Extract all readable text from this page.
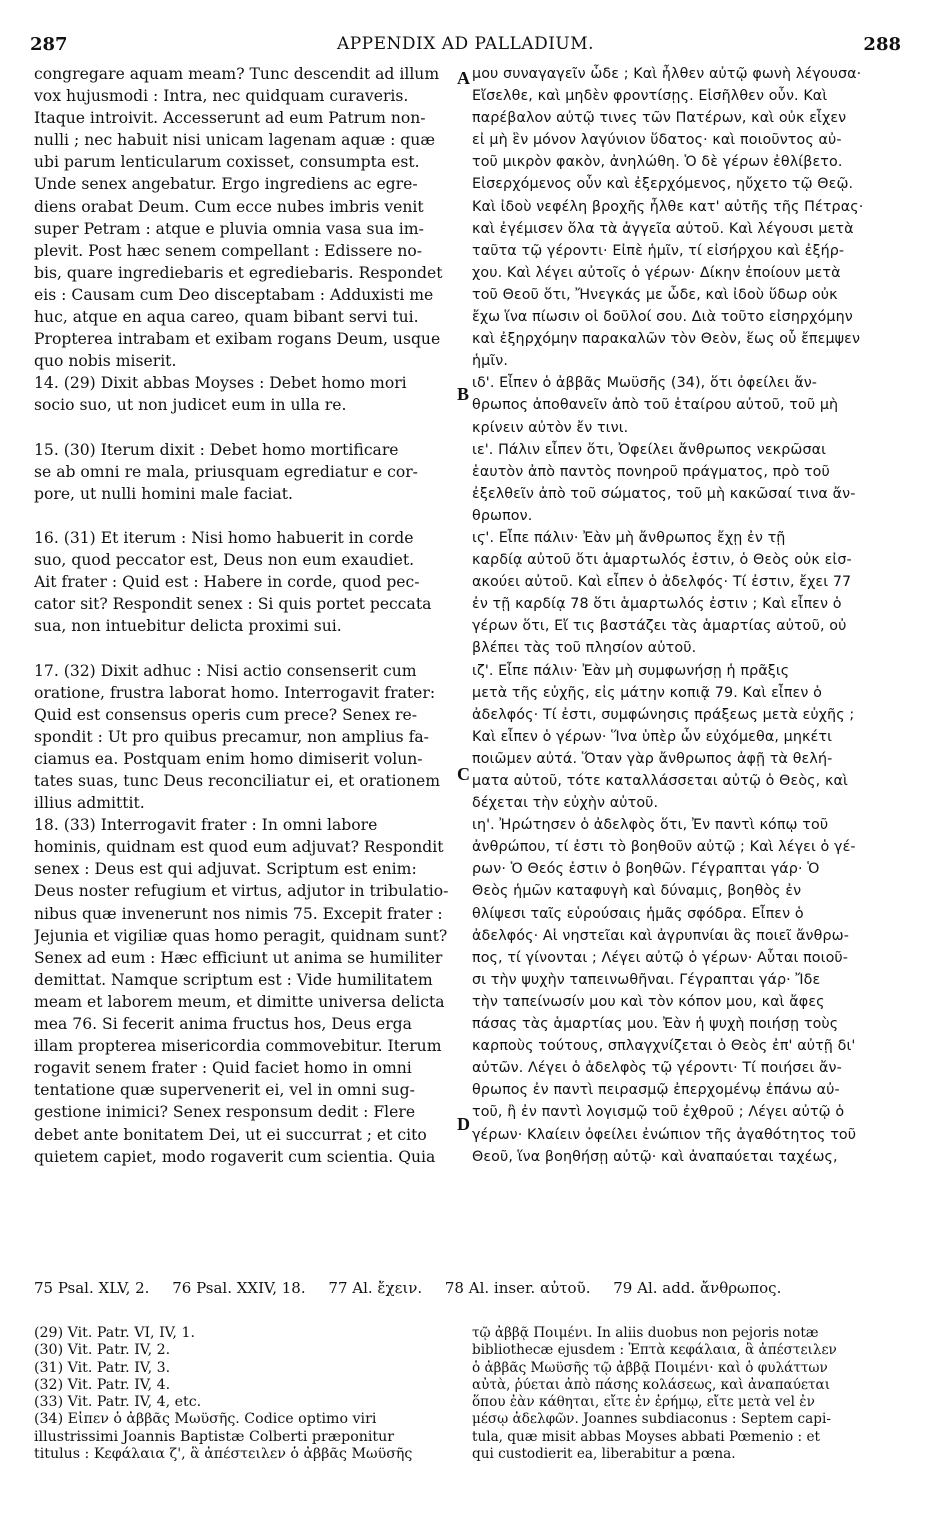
287	APPENDIX AD PALLADIUM.	288
congregare aquam meam? Tunc descendit ad illum
vox hujusmodi : Intra, nec quidquam curaveris.
Itaque introivit. Accesserunt ad eum Patrum non-
nulli ; nec habuit nisi unicam lagenam aquæ : quæ
ubi parum lenticularum coxisset, consumpta est.
Unde senex angebatur. Ergo ingrediens ac egre-
diens orabat Deum. Cum ecce nubes imbris venit
super Petram : atque e pluvia omnia vasa sua im-
plevit. Post hæc senem compellant : Edissere no-
bis, quare ingrediebaris et egrediebaris. Respondet
eis : Causam cum Deo disceptabam : Adduxisti me
huc, atque en aqua careo, quam bibant servi tui.
Propterea intrabam et exibam rogans Deum, usque
quo nobis miserit.
14. (29) Dixit abbas Moyses : Debet homo mori
socio suo, ut non judicet eum in ulla re.
15. (30) Iterum dixit : Debet homo mortificare
se ab omni re mala, priusquam egrediatur e cor-
pore, ut nulli homini male faciat.
16. (31) Et iterum : Nisi homo habuerit in corde
suo, quod peccator est, Deus non eum exaudiet.
Ait frater : Quid est : Habere in corde, quod pec-
cator sit? Respondit senex : Si quis portet peccata
sua, non intuebitur delicta proximi sui.
17. (32) Dixit adhuc : Nisi actio consenserit cum
oratione, frustra laborat homo. Interrogavit frater:
Quid est consensus operis cum prece? Senex re-
spondit : Ut pro quibus precamur, non amplius fa-
ciamus ea. Postquam enim homo dimiserit volun-
tates suas, tunc Deus reconciliatur ei, et orationem
illius admittit.
18. (33) Interrogavit frater : In omni labore
hominis, quidnam est quod eum adjuvat? Respondit
senex : Deus est qui adjuvat. Scriptum est enim:
Deus noster refugium et virtus, adjutor in tribulatio-
nibus quæ invenerunt nos nimis 75. Excepit frater :
Jejunia et vigiliæ quas homo peragit, quidnam sunt?
Senex ad eum : Hæc efficiunt ut anima se humiliter
demittat. Namque scriptum est : Vide humilitatem
meam et laborem meum, et dimitte universa delicta
mea 76. Si fecerit anima fructus hos, Deus erga
illam propterea misericordia commovebitur. Iterum
rogavit senem frater : Quid faciet homo in omni
tentatione quæ supervenerit ei, vel in omni sug-
gestione inimici? Senex responsum dedit : Flere
debet ante bonitatem Dei, ut ei succurrat ; et cito
quietem capiet, modo rogaverit cum scientia. Quia
μου συναγαγεῖν ὧδε ; Καὶ ἦλθεν αὐτῷ φωνὴ λέγουσα·
Εἴσελθε, καὶ μηδὲν φροντίσῃς. Εἰσῆλθεν οὖν. Καὶ
παρέβαλον αὐτῷ τινες τῶν Πατέρων, καὶ οὐκ εἶχεν
εἰ μὴ ἓν μόνον λαγύνιον ὕδατος· καὶ ποιοῦντος αὐ-
τοῦ μικρὸν φακὸν, ἀνηλώθη. Ὁ δὲ γέρων ἐθλίβετο.
Εἰσερχόμενος οὖν καὶ ἐξερχόμενος, ηὔχετο τῷ Θεῷ.
Καὶ ἰδοὺ νεφέλη βροχῆς ἦλθε κατ' αὐτῆς τῆς Πέτρας·
καὶ ἐγέμισεν ὅλα τὰ ἀγγεῖα αὐτοῦ. Καὶ λέγουσι μετὰ
ταῦτα τῷ γέροντι· Εἰπὲ ἡμῖν, τί εἰσήρχου καὶ ἐξήρ-
χου. Καὶ λέγει αὐτοῖς ὁ γέρων· Δίκην ἐποίουν μετὰ
τοῦ Θεοῦ ὅτι, Ἤνεγκάς με ὧδε, καὶ ἰδοὺ ὕδωρ οὐκ
ἔχω ἵνα πίωσιν οἱ δοῦλοί σου. Διὰ τοῦτο εἰσηρχόμην
καὶ ἐξηρχόμην παρακαλῶν τὸν Θεὸν, ἕως οὗ ἔπεμψεν
ἡμῖν.
ιδ'. Εἶπεν ὁ ἀββᾶς Μωϋσῆς (34), ὅτι ὀφείλει ἄν-
θρωπος ἀποθανεῖν ἀπὸ τοῦ ἑταίρου αὐτοῦ, τοῦ μὴ
κρίνειν αὐτὸν ἔν τινι.
ιε'. Πάλιν εἶπεν ὅτι, Ὀφείλει ἄνθρωπος νεκρῶσαι
ἑαυτὸν ἀπὸ παντὸς πονηροῦ πράγματος, πρὸ τοῦ
ἐξελθεῖν ἀπὸ τοῦ σώματος, τοῦ μὴ κακῶσαί τινα ἄν-
θρωπον.
ιϛ'. Εἶπε πάλιν· Ἐὰν μὴ ἄνθρωπος ἔχῃ ἐν τῇ
καρδίᾳ αὐτοῦ ὅτι ἁμαρτωλός ἐστιν, ὁ Θεὸς οὐκ εἰσ-
ακούει αὐτοῦ. Καὶ εἶπεν ὁ ἀδελφός· Τί ἐστιν, ἔχει 77
ἐν τῇ καρδίᾳ 78 ὅτι ἁμαρτωλός ἐστιν ; Καὶ εἶπεν ὁ
γέρων ὅτι, Εἴ τις βαστάζει τὰς ἁμαρτίας αὐτοῦ, οὐ
βλέπει τὰς τοῦ πλησίον αὐτοῦ.
ιζ'. Εἶπε πάλιν· Ἐὰν μὴ συμφωνήσῃ ἡ πρᾶξις
μετὰ τῆς εὐχῆς, εἰς μάτην κοπιᾷ 79. Καὶ εἶπεν ὁ
ἀδελφός· Τί ἐστι, συμφώνησις πράξεως μετὰ εὐχῆς ;
Καὶ εἶπεν ὁ γέρων· Ἵνα ὑπὲρ ὧν εὐχόμεθα, μηκέτι
ποιῶμεν αὐτά. Ὅταν γὰρ ἄνθρωπος ἀφῇ τὰ θελή-
ματα αὐτοῦ, τότε καταλλάσσεται αὐτῷ ὁ Θεὸς, καὶ
δέχεται τὴν εὐχὴν αὐτοῦ.
ιη'. Ἠρώτησεν ὁ ἀδελφὸς ὅτι, Ἐν παντὶ κόπῳ τοῦ
ἀνθρώπου, τί ἐστι τὸ βοηθοῦν αὐτῷ ; Καὶ λέγει ὁ γέ-
ρων· Ὁ Θεός ἐστιν ὁ βοηθῶν. Γέγραπται γάρ· Ὁ
Θεὸς ἡμῶν καταφυγὴ καὶ δύναμις, βοηθὸς ἐν
θλίψεσι ταῖς εὑρούσαις ἡμᾶς σφόδρα. Εἶπεν ὁ
ἀδελφός· Αἱ νηστεῖαι καὶ ἀγρυπνίαι ἃς ποιεῖ ἄνθρω-
πος, τί γίνονται ; Λέγει αὐτῷ ὁ γέρων· Αὗται ποιοῦ-
σι τὴν ψυχὴν ταπεινωθῆναι. Γέγραπται γάρ· Ἴδε
τὴν ταπείνωσίν μου καὶ τὸν κόπον μου, καὶ ἄφες
πάσας τὰς ἁμαρτίας μου. Ἐὰν ἡ ψυχὴ ποιήσῃ τοὺς
καρποὺς τούτους, σπλαγχνίζεται ὁ Θεὸς ἐπ' αὐτῇ δι'
αὐτῶν. Λέγει ὁ ἀδελφὸς τῷ γέροντι· Τί ποιήσει ἄν-
θρωπος ἐν παντὶ πειρασμῷ ἐπερχομένῳ ἐπάνω αὐ-
τοῦ, ἢ ἐν παντὶ λογισμῷ τοῦ ἐχθροῦ ; Λέγει αὐτῷ ὁ
γέρων· Κλαίειν ὀφείλει ἐνώπιον τῆς ἀγαθότητος τοῦ
Θεοῦ, ἵνα βοηθήσῃ αὐτῷ· καὶ ἀναπαύεται ταχέως,
A
B
C
D
75 Psal. XLV, 2. 76 Psal. XXIV, 18. 77 Al. ἔχειν. 78 Al. inser. αὐτοῦ. 79 Al. add. ἄνθρωπος.
(29) Vit. Patr. VI, IV, 1.
(30) Vit. Patr. IV, 2.
(31) Vit. Patr. IV, 3.
(32) Vit. Patr. IV, 4.
(33) Vit. Patr. IV, 4, etc.
(34) Εἶπεν ὁ ἀββᾶς Μωϋσῆς. Codice optimo viri
illustrissimi Joannis Baptistæ Colberti præponitur
titulus : Κεφάλαια ζ', ἃ ἀπέστειλεν ὁ ἀββᾶς Μωϋσῆς
τῷ ἀββᾷ Ποιμένι. In aliis duobus non pejoris notæ
bibliothecæ ejusdem : Ἑπτὰ κεφάλαια, ἃ ἀπέστειλεν
ὁ ἀββᾶς Μωϋσῆς τῷ ἀββᾷ Ποιμένι· καὶ ὁ φυλάττων
αὐτὰ, ῥύεται ἀπὸ πάσης κολάσεως, καὶ ἀναπαύεται
ὅπου ἐὰν κάθηται, εἴτε ἐν ἐρήμῳ, εἴτε μετὰ vel ἐν
μέσῳ ἀδελφῶν. Joannes subdiaconus : Septem capi-
tula, quæ misit abbas Moyses abbati Pœmenio : et
qui custodierit ea, liberabitur a pœna.
